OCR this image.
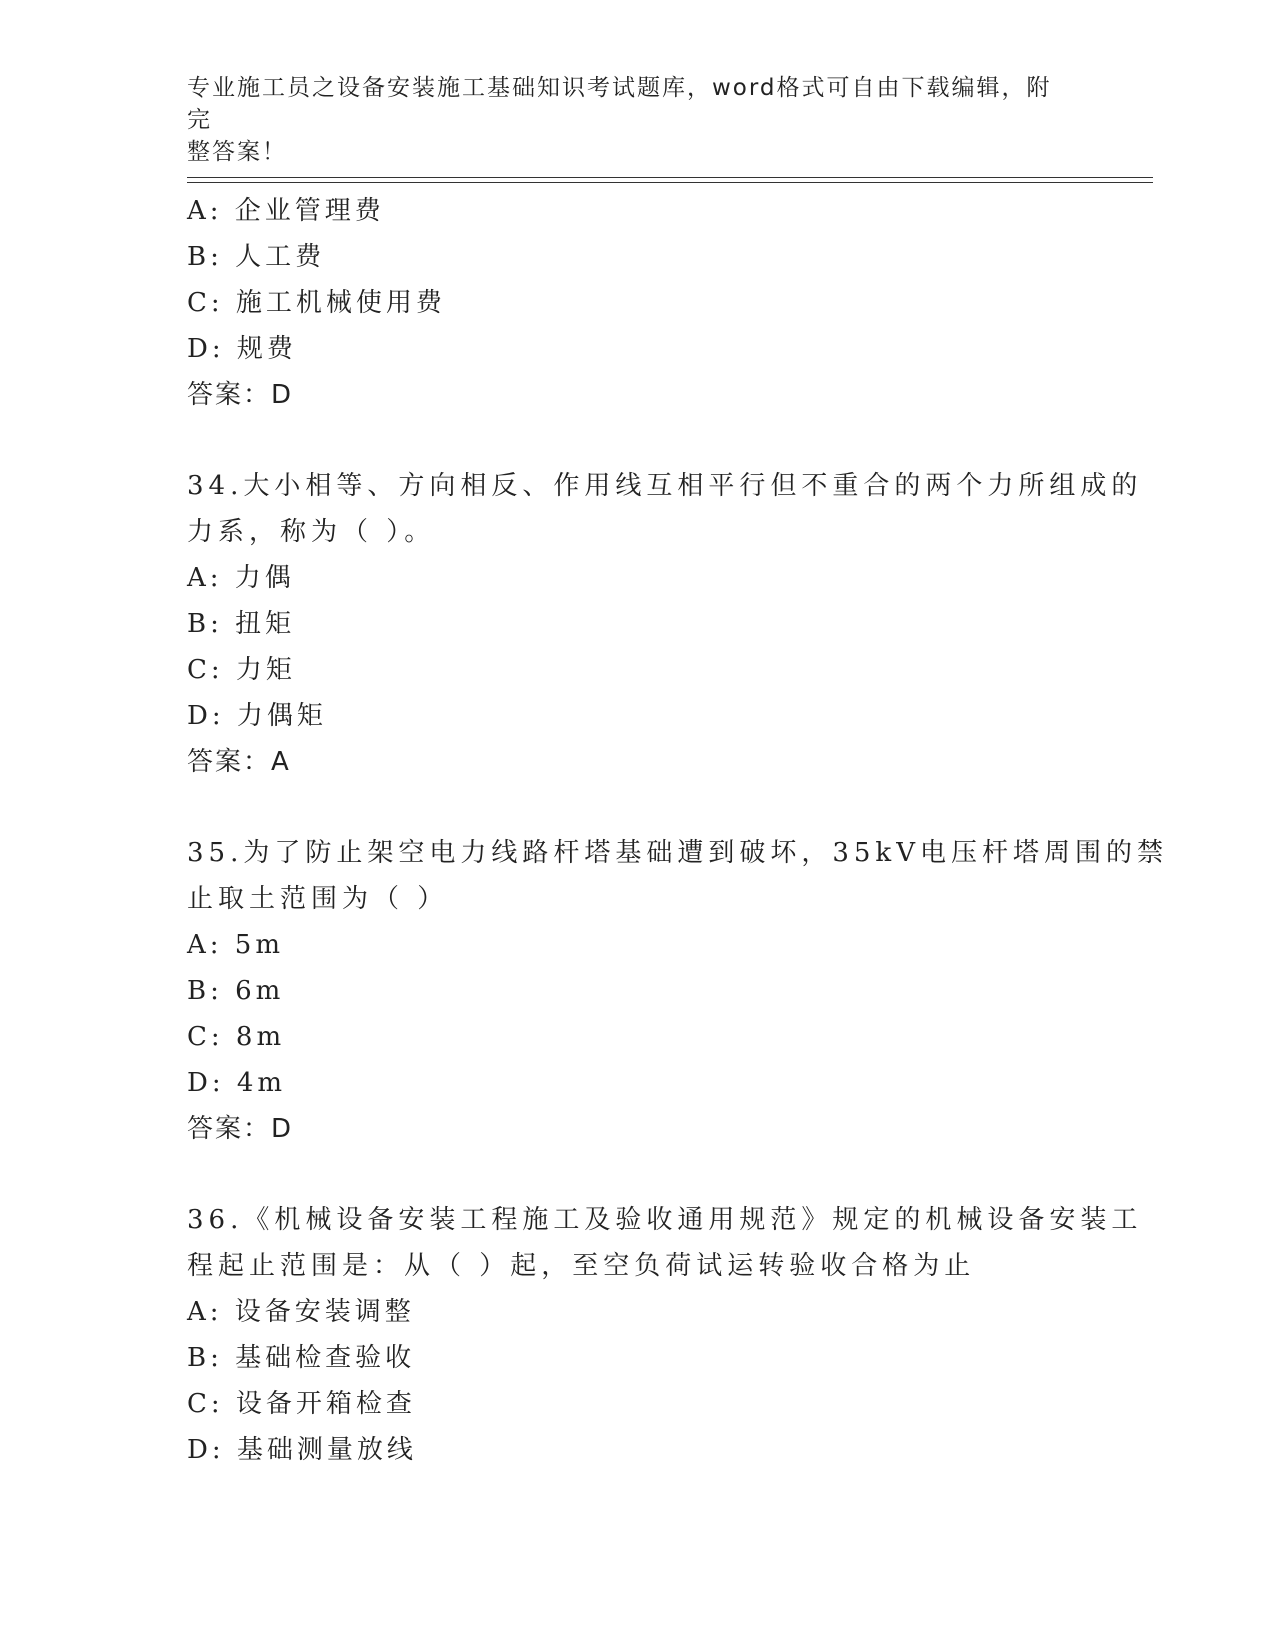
专业施工员之设备安装施工基础知识考试题库，word格式可自由下载编辑，附完
整答案！
A: 企业管理费
B: 人工费
C: 施工机械使用费
D: 规费
答案：D
34.大小相等、方向相反、作用线互相平行但不重合的两个力所组成的
力系，称为（ ）。
A: 力偶
B: 扭矩
C: 力矩
D: 力偶矩
答案：A
35.为了防止架空电力线路杆塔基础遭到破坏，35kV电压杆塔周围的禁
止取土范围为（ ）
A: 5m
B: 6m
C: 8m
D: 4m
答案：D
36.《机械设备安装工程施工及验收通用规范》规定的机械设备安装工
程起止范围是：从（ ）起，至空负荷试运转验收合格为止
A: 设备安装调整
B: 基础检查验收
C: 设备开箱检查
D: 基础测量放线
